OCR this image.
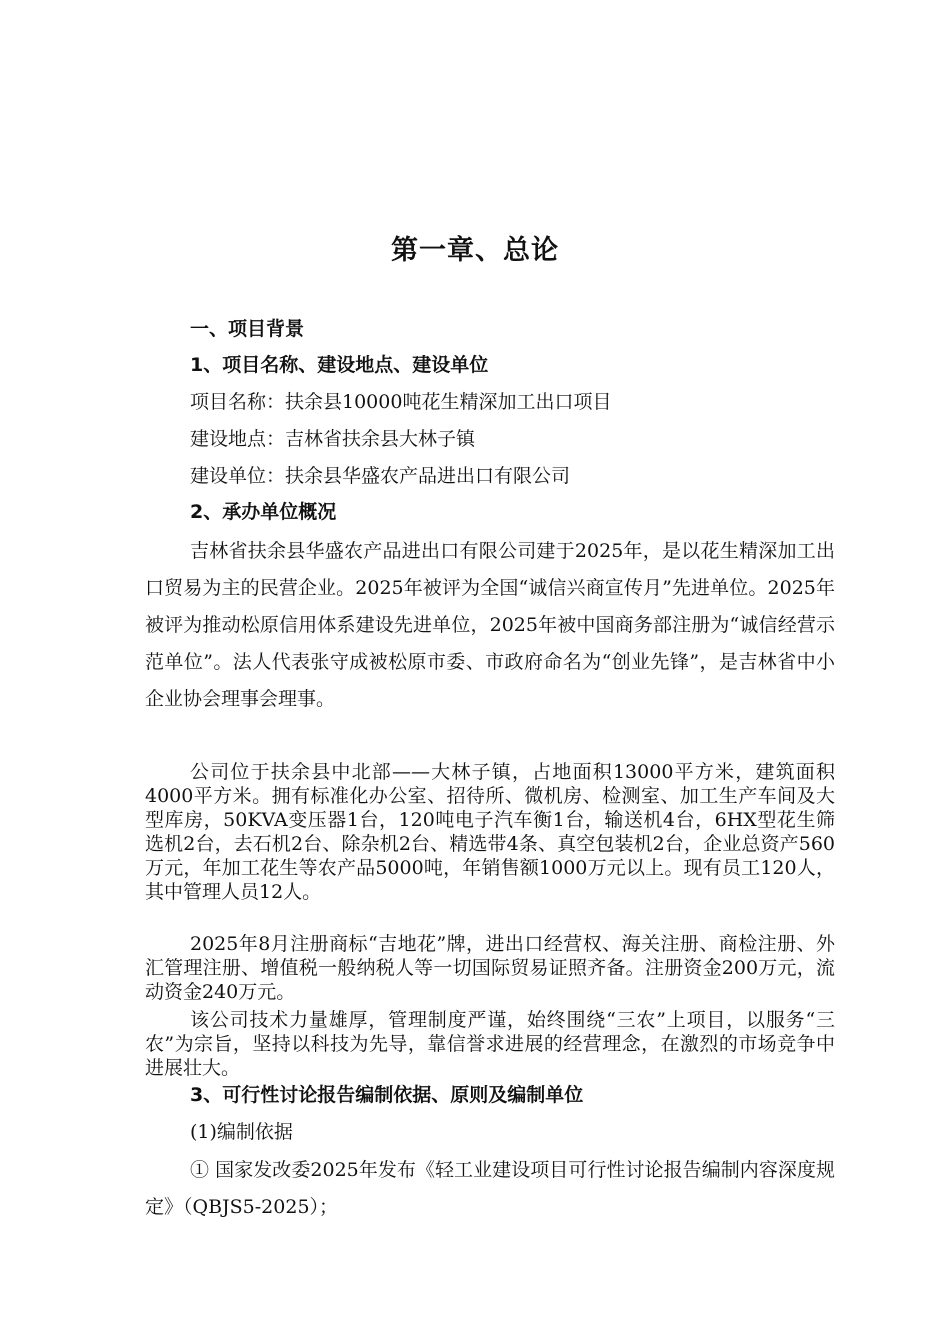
第一章、总论
一、项目背景
1、项目名称、建设地点、建设单位
项目名称：扶余县10000吨花生精深加工出口项目
建设地点：吉林省扶余县大林子镇
建设单位：扶余县华盛农产品进出口有限公司
2、承办单位概况

吉林省扶余县华盛农产品进出口有限公司建于2025年，是以花生精深加工出口贸易为主的民营企业。2025年被评为全国“诚信兴商宣传月”先进单位。2025年被评为推动松原信用体系建设先进单位，2025年被中国商务部注册为“诚信经营示范单位”。法人代表张守成被松原市委、市政府命名为“创业先锋”，是吉林省中小企业协会理事会理事。

公司位于扶余县中北部——大林子镇，占地面积13000平方米，建筑面积4000平方米。拥有标准化办公室、招待所、微机房、检测室、加工生产车间及大型库房，50KVA变压器1台，120吨电子汽车衡1台，输送机4台，6HX型花生筛选机2台，去石机2台、除杂机2台、精选带4条、真空包装机2台，企业总资产560万元，年加工花生等农产品5000吨，年销售额1000万元以上。现有员工120人，其中管理人员12人。

2025年8月注册商标“吉地花”牌，进出口经营权、海关注册、商检注册、外汇管理注册、增值税一般纳税人等一切国际贸易证照齐备。注册资金200万元，流动资金240万元。

该公司技术力量雄厚，管理制度严谨，始终围绕“三农”上项目，以服务“三农”为宗旨，坚持以科技为先导，靠信誉求进展的经营理念，在激烈的市场竞争中进展壮大。

3、可行性讨论报告编制依据、原则及编制单位
(1)编制依据

① 国家发改委2025年发布《轻工业建设项目可行性讨论报告编制内容深度规定》（QBJS5-2025）；
